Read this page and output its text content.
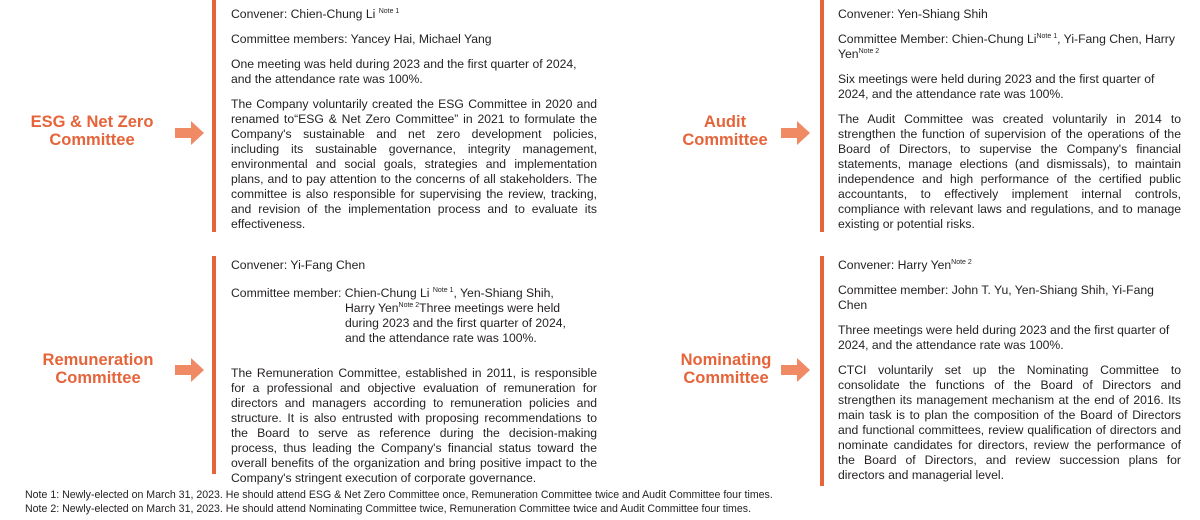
ESG & Net Zero
Committee

Convener: Chien-Chung Li $^{Note 1}$

Committee members: Yancey Hai, Michael Yang

One meeting was held during 2023 and the first quarter of 2024, and the attendance rate was 100%.

The Company voluntarily created the ESG Committee in 2020 and renamed to“ESG & Net Zero Committee” in 2021 to formulate the Company's sustainable and net zero development policies, including its sustainable governance, integrity management, environmental and social goals, strategies and implementation plans, and to pay attention to the concerns of all stakeholders. The committee is also responsible for supervising the review, tracking, and revision of the implementation process and to evaluate its effectiveness.

Audit
Committee

Convener: Yen-Shiang Shih

Committee Member: Chien-Chung $Li^{Note 1}$, Yi-Fang Chen, Harry Yen$^{Note 2}$

Six meetings were held during 2023 and the first quarter of 2024, and the attendance rate was 100%.

The Audit Committee was created voluntarily in 2014 to strengthen the function of supervision of the operations of the Board of Directors, to supervise the Company's financial statements, manage elections (and dismissals), to maintain independence and high performance of the certified public accountants, to effectively implement internal controls, compliance with relevant laws and regulations, and to manage existing or potential risks.

Remuneration
Committee

Convener: Yi-Fang Chen

Committee member: Chien-Chung Li $^{Note 1}$, Yen-Shiang Shih,
Harry Yen$^{Note 2}$Three meetings were held
during 2023 and the first quarter of 2024,
and the attendance rate was 100%.

The Remuneration Committee, established in 2011, is responsible for a professional and objective evaluation of remuneration for directors and managers according to remuneration policies and structure. It is also entrusted with proposing recommendations to the Board to serve as reference during the decision-making process, thus leading the Company's financial status toward the overall benefits of the organization and bring positive impact to the Company's stringent execution of corporate governance.

Nominating
Committee

Convener: Harry Yen$^{Note 2}$

Committee member: John T. Yu, Yen-Shiang Shih, Yi-Fang Chen

Three meetings were held during 2023 and the first quarter of 2024, and the attendance rate was 100%.

CTCI voluntarily set up the Nominating Committee to consolidate the functions of the Board of Directors and strengthen its management mechanism at the end of 2016. Its main task is to plan the composition of the Board of Directors and functional committees, review qualification of directors and nominate candidates for directors, review the performance of the Board of Directors, and review succession plans for directors and managerial level.

Note 1: Newly-elected on March 31, 2023. He should attend ESG & Net Zero Committee once, Remuneration Committee twice and Audit Committee four times.
Note 2: Newly-elected on March 31, 2023. He should attend Nominating Committee twice, Remuneration Committee twice and Audit Committee four times.
